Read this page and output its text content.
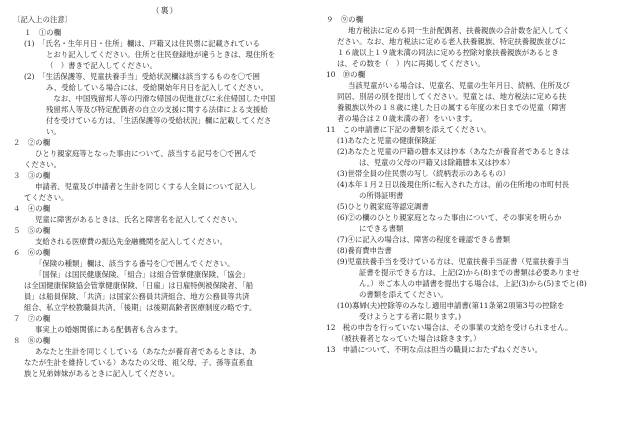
（裏）
〔記入上の注意〕
１　①の欄
(1)　「氏名・生年月日・住所」欄は、戸籍又は住民票に記載されている
とおり記入してください。住所と住民登録地が違うときは、現住所を
（　）書きで記入してください。
(2)　「生活保護等、児童扶養手当」受給状況欄は該当するものを〇で囲
み、受給している場合には、受給開始年月日を記入してください。
　なお、中国残留邦人等の円滑な帰国の促進並びに永住帰国した中国
残留邦人等及び特定配偶者の自立の支援に関する法律による支援給
付を受けている方は、「生活保護等の受給状況」欄に記載してくださ
い。
２　②の欄
ひとり親家庭等となった事由について、該当する記号を〇で囲んで
ください。
３　③の欄
申請者、児童及び申請者と生計を同じくする人全員について記入し
てください。
４　④の欄
児童に障害があるときは、氏名と障害名を記入してください。
５　⑤の欄
支給される医療費の振込先金融機関を記入してください。
６　⑥の欄
「保険の種類」欄は、該当する番号を〇で囲んでください。
「国保」は国民健康保険、「組合」は組合管掌健康保険、「協会」
は全国健康保険協会管掌健康保険、「日雇」は日雇特例被保険者、「船
員」は船員保険、「共済」は国家公務員共済組合、地方公務員等共済
組合、私立学校教職員共済、「後期」は後期高齢者医療制度の略です。
７　⑦の欄
事実上の婚姻関係にある配偶者も含みます。
８　⑧の欄
あなたと生計を同じくしている（あなたが養育者であるときは、あ
なたが生計を維持している）あなたの父母、祖父母、子、孫等直系血
族と兄弟姉妹があるときに記入してください。
９　⑨の欄
地方税法に定める同一生計配偶者、扶養親族の合計数を記入してく
ださい。なお、地方税法に定める老人扶養親族、特定扶養親族並びに
１６歳以上１９歳未満の同法に定める控除対象扶養親族があるとき
は、その数を（　）内に再掲してください。
10　⑩の欄
当該児童がいる場合は、児童名、児童の生年月日、続柄、住所及び
同居、別居の別を提出してください。児童とは、地方税法に定める扶
養親族以外の１８歳に達した日の属する年度の末日までの児童（障害
者の場合は２０歳未満の者）をいいます。
11　この申請書に下記の書類を添えてください。
(1)あなたと児童の健康保険証
(2)あなたと児童の戸籍の謄本又は抄本（あなたが養育者であるときは
は、児童の父母の戸籍又は除籍謄本又は抄本）
(3)世帯全員の住民票の写し（続柄表示のあるもの）
(4)本年１月２日以後現住所に転入された方は、前の住所地の市町村長
の所得証明書
(5)ひとり親家庭等認定調書
(6)②の欄のひとり親家庭となった事由について、その事実を明らか
にできる書類
(7)④に記入の場合は、障害の程度を確認できる書類
(8)養育費申告書
(9)児童扶養手当を受けている方は、児童扶養手当証書（児童扶養手当
証書を提示できる方は、上記(2)から(8)までの書類は必要ありませ
ん。）※ご本人の申請書を提出する場合は、上記(3)から(5)までと(8)
の書類を添えてください。
(10)寡婦(夫)控除等のみなし適用申請書(第11条第2項第3号の控除を
受けようとする者に限ります。)
12　税の申告を行っていない場合は、その事業の支給を受けられません。
（被扶養者となっていた場合は除きます。）
13　申請について、不明な点は担当の職員におたずねください。
